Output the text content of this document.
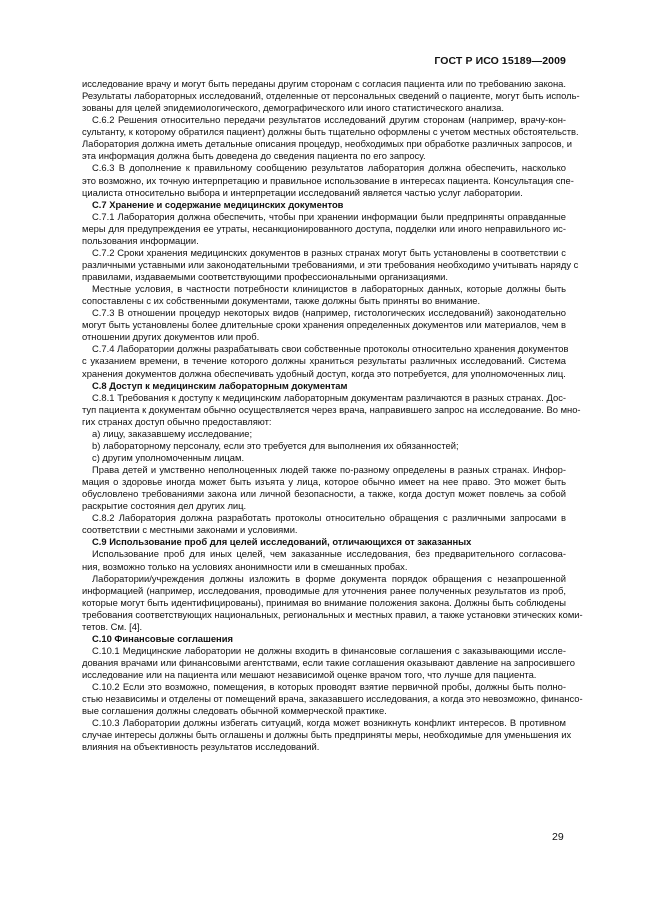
ГОСТ Р ИСО 15189—2009
исследование врачу и могут быть переданы другим сторонам с согласия пациента или по требованию закона.
Результаты лабораторных исследований, отделенные от персональных сведений о пациенте, могут быть исполь-
зованы для целей эпидемиологического, демографического или иного статистического анализа.
С.6.2 Решения относительно передачи результатов исследований другим сторонам (например, врачу-кон-
сультанту, к которому обратился пациент) должны быть тщательно оформлены с учетом местных обстоятельств.
Лаборатория должна иметь детальные описания процедур, необходимых при обработке различных запросов, и
эта информация должна быть доведена до сведения пациента по его запросу.
С.6.3 В дополнение к правильному сообщению результатов лаборатория должна обеспечить, насколько
это возможно, их точную интерпретацию и правильное использование в интересах пациента. Консультация спе-
циалиста относительно выбора и интерпретации исследований является частью услуг лаборатории.
С.7 Хранение и содержание медицинских документов
С.7.1 Лаборатория должна обеспечить, чтобы при хранении информации были предприняты оправданные
меры для предупреждения ее утраты, несанкционированного доступа, подделки или иного неправильного ис-
пользования информации.
С.7.2 Сроки хранения медицинских документов в разных странах могут быть установлены в соответствии с
различными уставными или законодательными требованиями, и эти требования необходимо учитывать наряду с
правилами, издаваемыми соответствующими профессиональными организациями.
Местные условия, в частности потребности клиницистов в лабораторных данных, которые должны быть
сопоставлены с их собственными документами, также должны быть приняты во внимание.
С.7.3 В отношении процедур некоторых видов (например, гистологических исследований) законодательно
могут быть установлены более длительные сроки хранения определенных документов или материалов, чем в
отношении других документов или проб.
С.7.4 Лаборатории должны разрабатывать свои собственные протоколы относительно хранения документов
с указанием времени, в течение которого должны храниться результаты различных исследований. Система
хранения документов должна обеспечивать удобный доступ, когда это потребуется, для уполномоченных лиц.
С.8 Доступ к медицинским лабораторным документам
С.8.1 Требования к доступу к медицинским лабораторным документам различаются в разных странах. Дос-
туп пациента к документам обычно осуществляется через врача, направившего запрос на исследование. Во мно-
гих странах доступ обычно предоставляют:
a) лицу, заказавшему исследование;
b) лабораторному персоналу, если это требуется для выполнения их обязанностей;
c) другим уполномоченным лицам.
Права детей и умственно неполноценных людей также по-разному определены в разных странах. Инфор-
мация о здоровье иногда может быть изъята у лица, которое обычно имеет на нее право. Это может быть
обусловлено требованиями закона или личной безопасности, а также, когда доступ может повлечь за собой
раскрытие состояния дел других лиц.
С.8.2 Лаборатория должна разработать протоколы относительно обращения с различными запросами в
соответствии с местными законами и условиями.
С.9 Использование проб для целей исследований, отличающихся от заказанных
Использование проб для иных целей, чем заказанные исследования, без предварительного согласова-
ния, возможно только на условиях анонимности или в смешанных пробах.
Лаборатории/учреждения должны изложить в форме документа порядок обращения с незапрошенной
информацией (например, исследования, проводимые для уточнения ранее полученных результатов из проб,
которые могут быть идентифицированы), принимая во внимание положения закона. Должны быть соблюдены
требования соответствующих национальных, региональных и местных правил, а также установки этических коми-
тетов. См. [4].
С.10 Финансовые соглашения
С.10.1 Медицинские лаборатории не должны входить в финансовые соглашения с заказывающими иссле-
дования врачами или финансовыми агентствами, если такие соглашения оказывают давление на запросившего
исследование или на пациента или мешают независимой оценке врачом того, что лучше для пациента.
С.10.2 Если это возможно, помещения, в которых проводят взятие первичной пробы, должны быть полно-
стью независимы и отделены от помещений врача, заказавшего исследования, а когда это невозможно, финансо-
вые соглашения должны следовать обычной коммерческой практике.
С.10.3 Лаборатории должны избегать ситуаций, когда может возникнуть конфликт интересов. В противном
случае интересы должны быть оглашены и должны быть предприняты меры, необходимые для уменьшения их
влияния на объективность результатов исследований.
29
